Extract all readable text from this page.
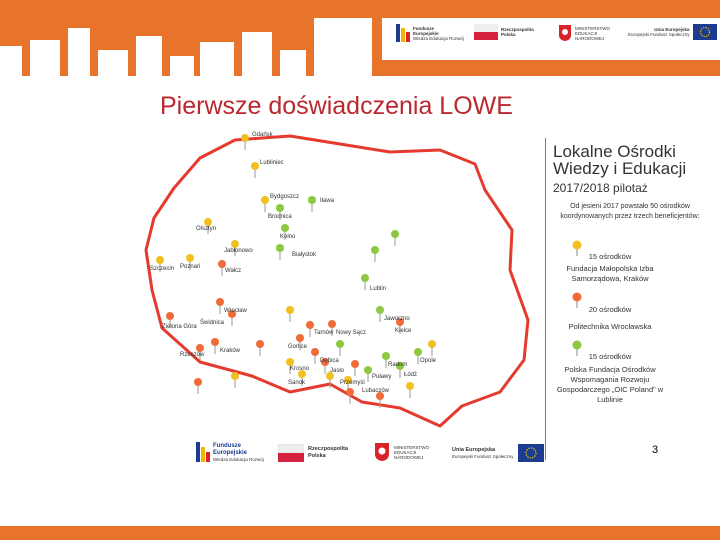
Fundusze
Europejskie
Wiedza Edukacja Rozwój
Rzeczpospolita
Polska
MINISTERSTWO
EDUKACJI
NARODOWEJ
Unia Europejska
Europejski Fundusz Społeczny
Pierwsze doświadczenia LOWE
Gdańsk
Lubliniec
Bydgoszcz
Brodnica
Iława
Olsztyn
Jabłonowo
Kolno
Szczecin Poznań
Wałcz
Białystok
Lublin
Jaworzno
Kielce
Zielona Góra
Wrocław
Świdnica
Kraków
Rzeszów
Tarnów Nowy Sącz
Gorlice
Dębica
Jasło
Krosno
Sanok	Przemyśl
Lubaczów
Puławy
Radom
Łódź
Opole
Lokalne Ośrodki
Wiedzy i Edukacji
2017/2018 pilotaż
Od jesieni 2017 powstało 50 ośrodków koordynowanych przez trzech beneficjentów:
15 ośrodków
Fundacja Małopolska Izba Samorządowa, Kraków
20 ośrodków
Politechnika Wrocławska
15 ośrodków
Polska Fundacja Ośrodków Wspomagania Rozwoju Gospodarczego „OIC Poland” w Lublinie
Fundusze
Europejskie
Wiedza Edukacja Rozwój
Rzeczpospolita
Polska
MINISTERSTWO
EDUKACJI
NARODOWEJ
Unia Europejska
Europejski Fundusz Społeczny
3
